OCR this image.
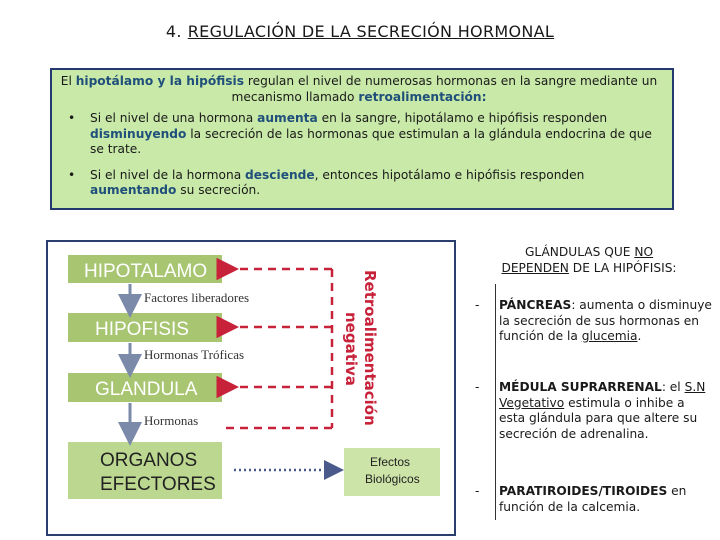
4. REGULACIÓN DE LA SECRECIÓN HORMONAL

El hipotálamo y la hipófisis regulan el nivel de numerosas hormonas en la sangre mediante un mecanismo llamado retroalimentación:

• Si el nivel de una hormona aumenta en la sangre, hipotálamo e hipófisis responden disminuyendo la secreción de las hormonas que estimulan a la glándula endocrina de que se trate.
• Si el nivel de la hormona desciende, entonces hipotálamo e hipófisis responden aumentando su secreción.
HIPOTALAMO
HIPOFISIS
GLANDULA
ORGANOS
EFECTORES
Factores liberadores
Hormonas Tróficas
Hormonas	Retroalimentación
negativa
Efectos
Biológicos
GLÁNDULAS QUE NO
DEPENDEN DE LA HIPÓFISIS:
- PÁNCREAS: aumenta o disminuye la secreción de sus hormonas en función de la glucemia.
- MÉDULA SUPRARRENAL: el S.N Vegetativo estimula o inhibe a esta glándula para que altere su secreción de adrenalina.
- PARATIROIDES/TIROIDES en función de la calcemia.
